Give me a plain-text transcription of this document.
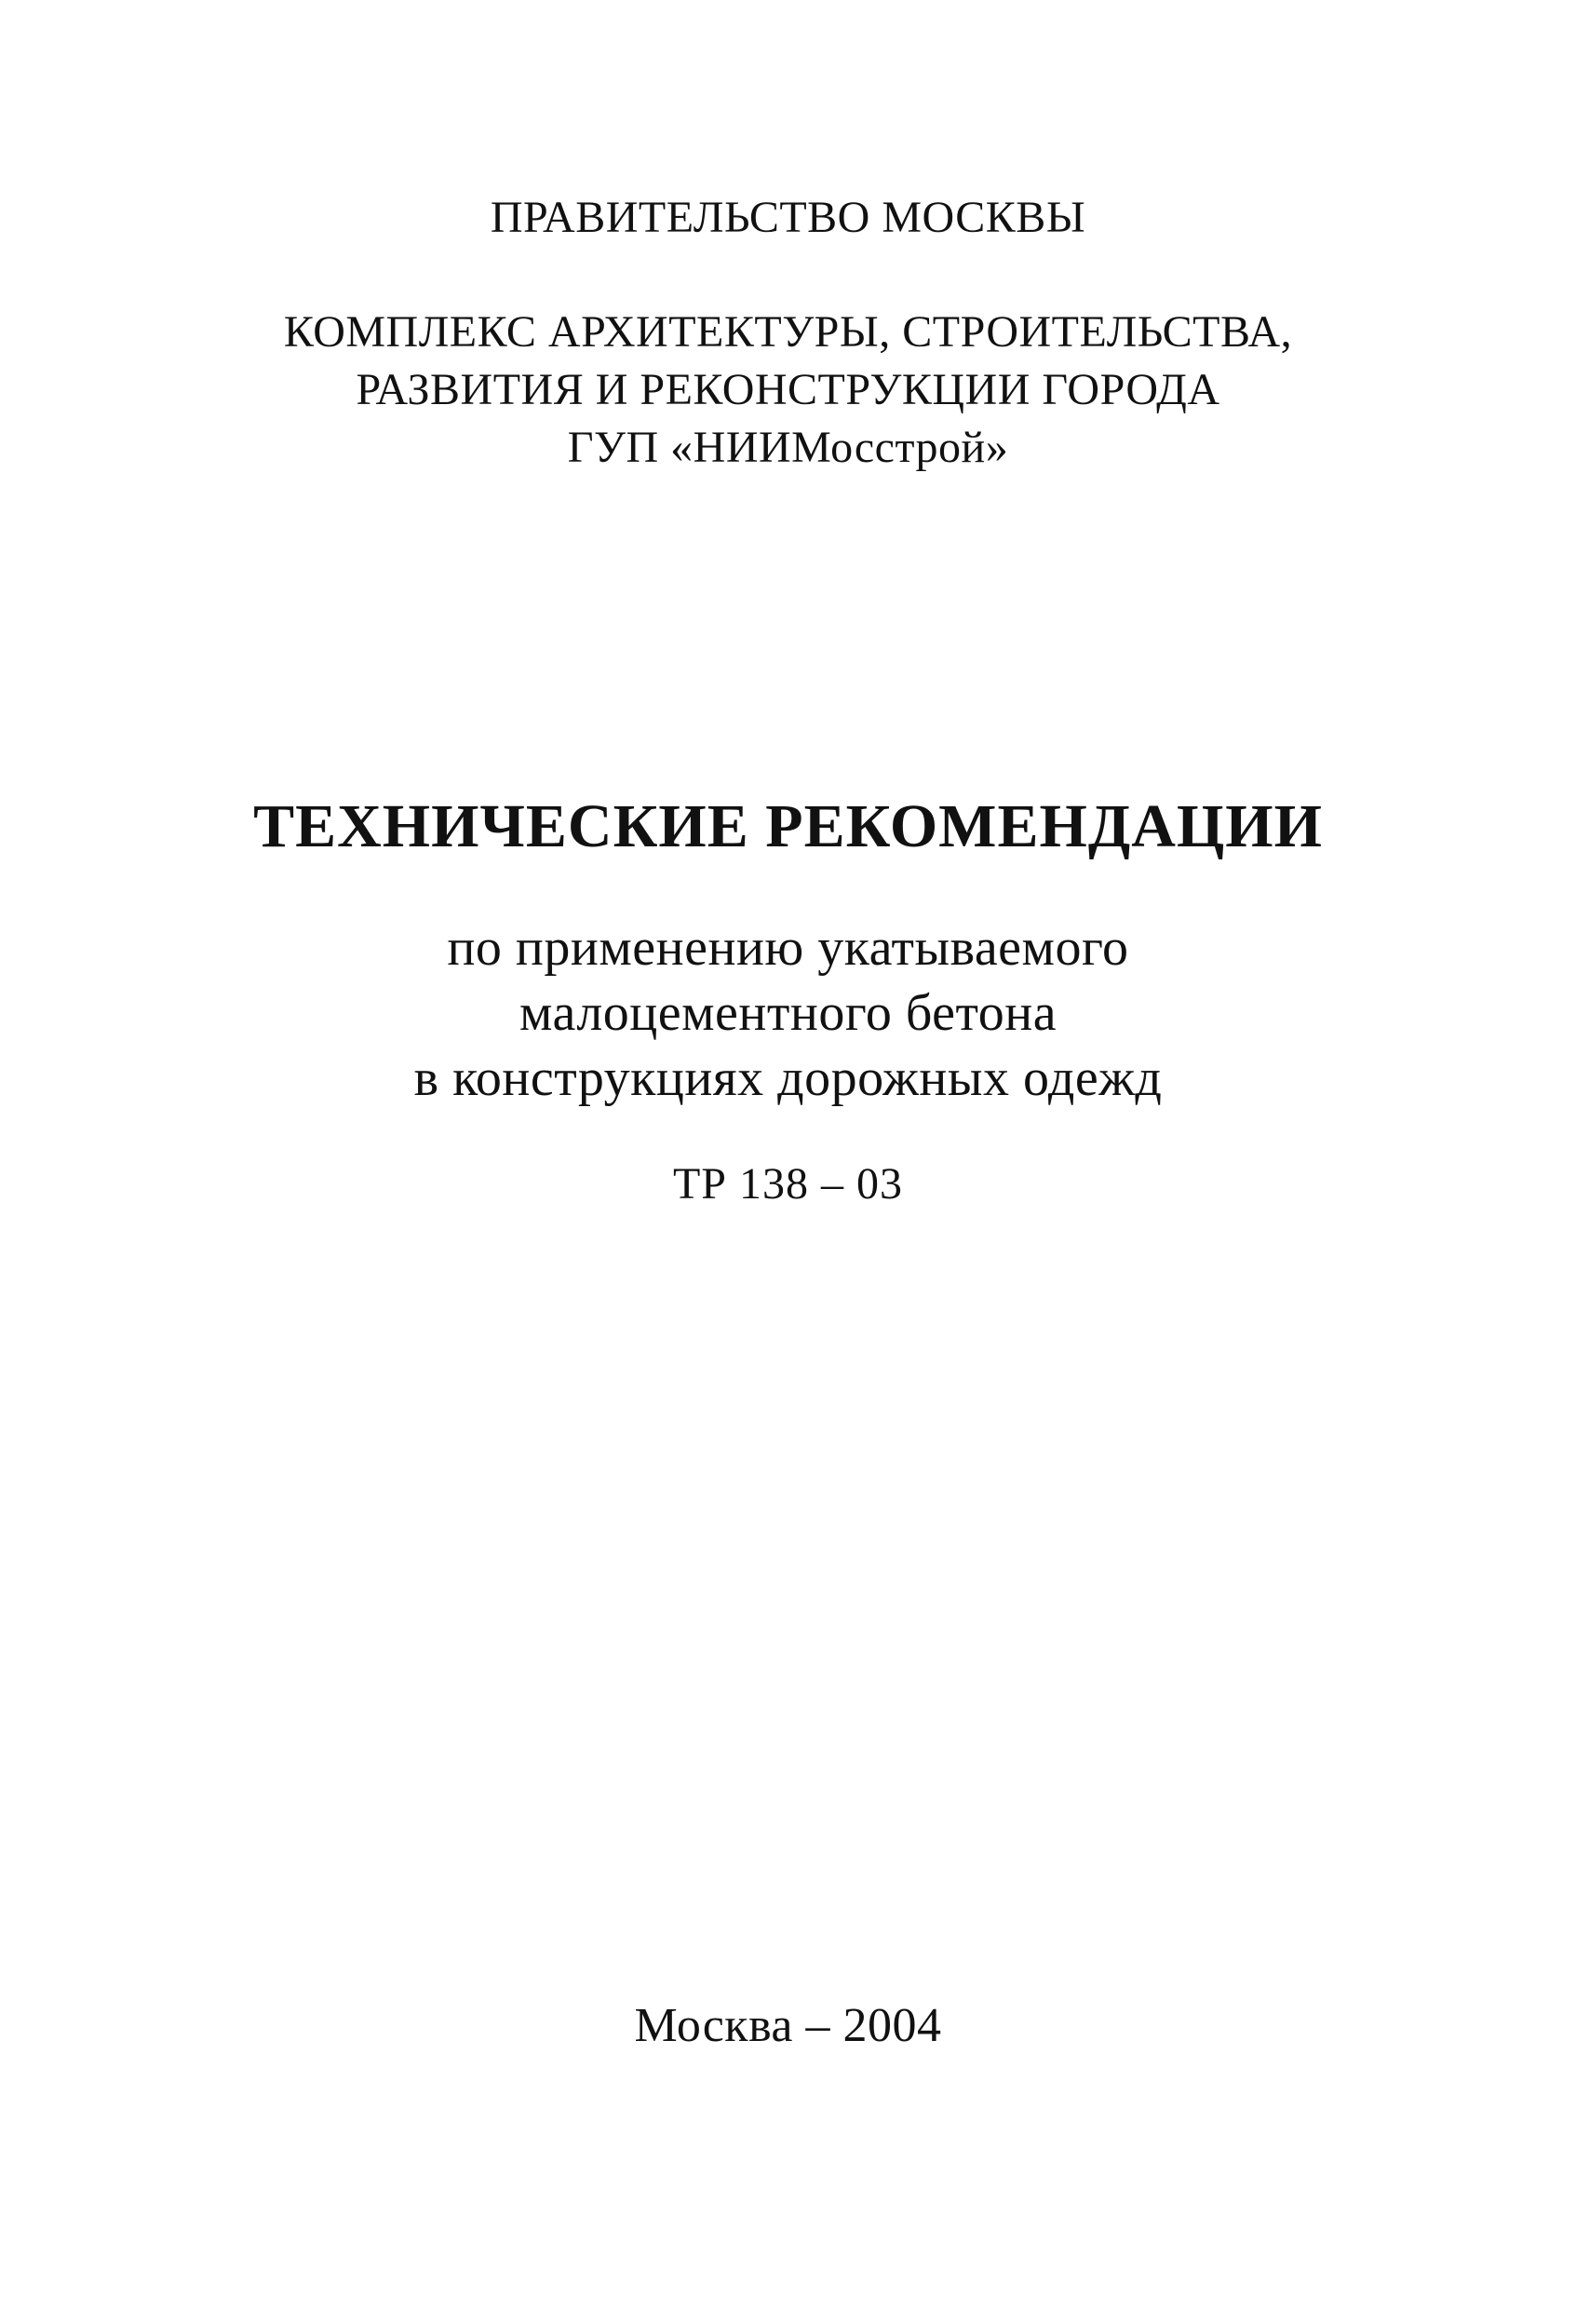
ПРАВИТЕЛЬСТВО МОСКВЫ
КОМПЛЕКС АРХИТЕКТУРЫ, СТРОИТЕЛЬСТВА,
РАЗВИТИЯ И РЕКОНСТРУКЦИИ ГОРОДА
ГУП «НИИМосстрой»
ТЕХНИЧЕСКИЕ РЕКОМЕНДАЦИИ
по применению укатываемого
малоцементного бетона
в конструкциях дорожных одежд
ТР 138 – 03
Москва – 2004
